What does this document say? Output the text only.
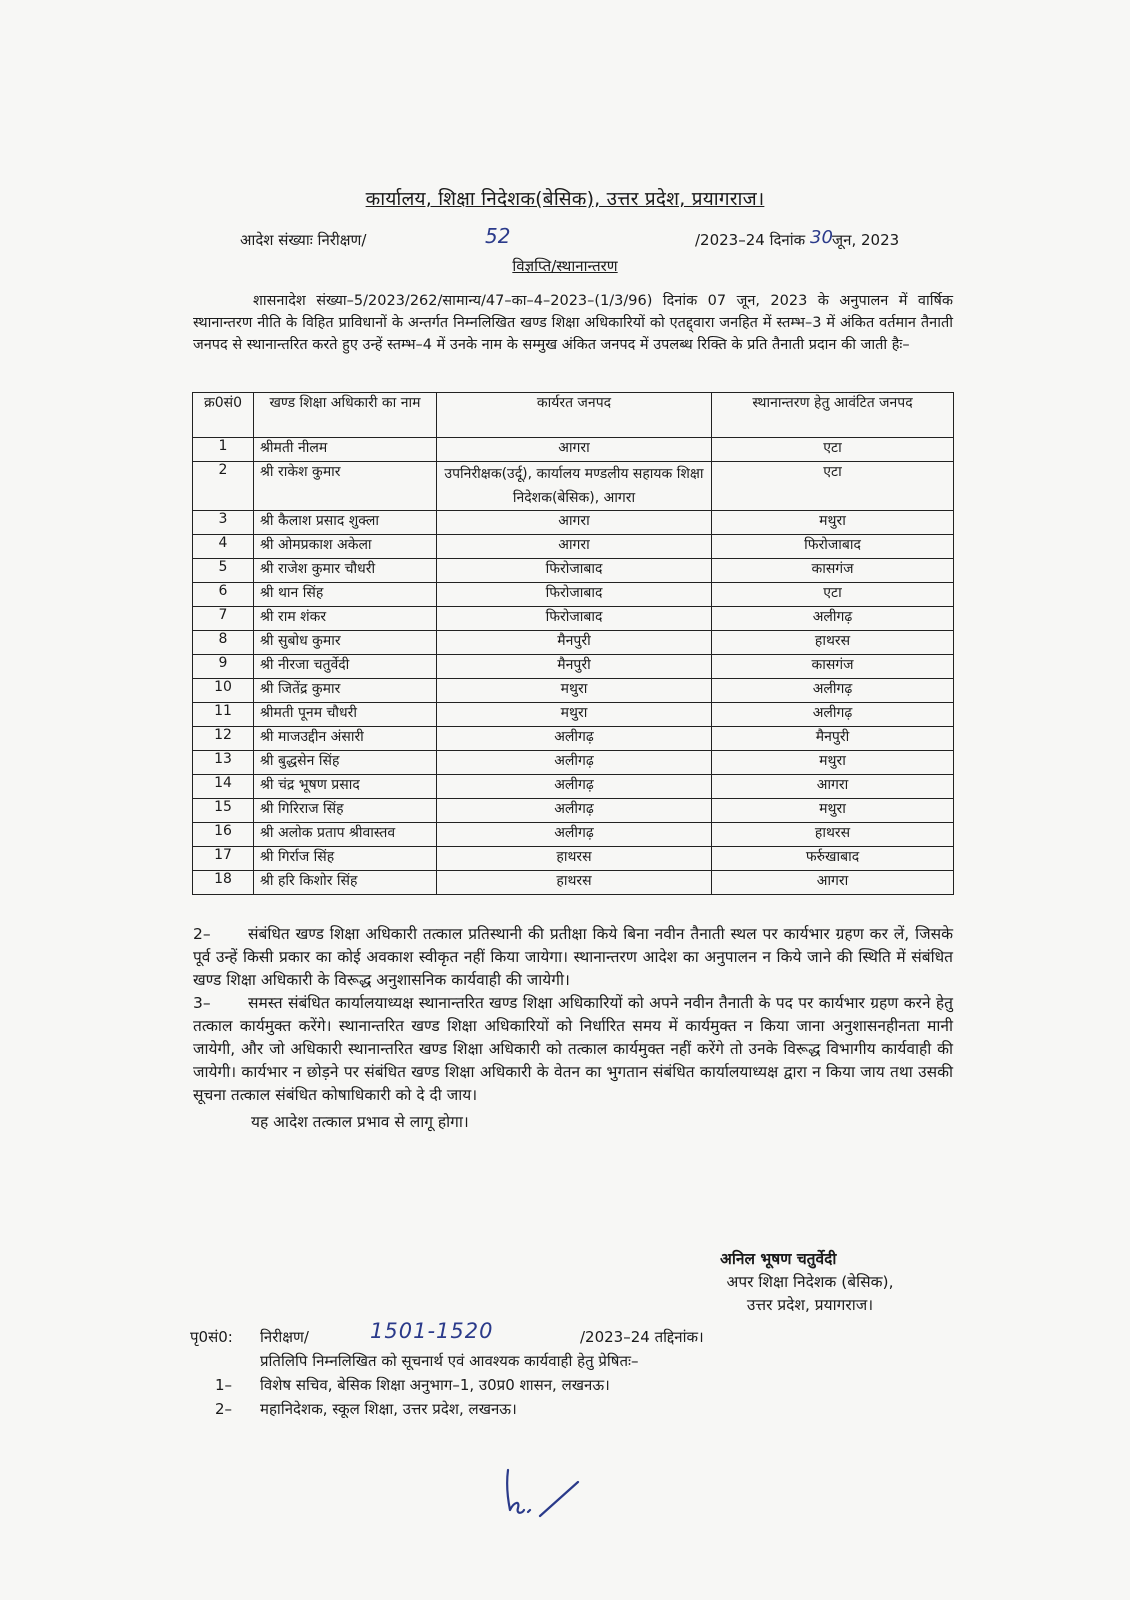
कार्यालय, शिक्षा निदेशक(बेसिक), उत्तर प्रदेश, प्रयागराज।
आदेश संख्याः निरीक्षण/	52	/2023–24 दिनांक 30 जून, 2023
विज्ञप्ति/स्थानान्तरण
शासनादेश संख्या–5/2023/262/सामान्य/47–का–4–2023–(1/3/96) दिनांक 07 जून, 2023 के अनुपालन में वार्षिक स्थानान्तरण नीति के विहित प्राविधानों के अन्तर्गत निम्नलिखित खण्ड शिक्षा अधिकारियों को एतद्द्वारा जनहित में स्तम्भ–3 में अंकित वर्तमान तैनाती जनपद से स्थानान्तरित करते हुए उन्हें स्तम्भ–4 में उनके नाम के सम्मुख अंकित जनपद में उपलब्ध रिक्ति के प्रति तैनाती प्रदान की जाती हैः–
क्र0सं0	खण्ड शिक्षा अधिकारी का नाम	कार्यरत जनपद	स्थानान्तरण हेतु आवंटित जनपद
1	श्रीमती नीलम	आगरा	एटा
2	श्री राकेश कुमार	उपनिरीक्षक(उर्दू), कार्यालय मण्डलीय सहायक शिक्षा निदेशक(बेसिक), आगरा	एटा
3	श्री कैलाश प्रसाद शुक्ला	आगरा	मथुरा
4	श्री ओमप्रकाश अकेला	आगरा	फिरोजाबाद
5	श्री राजेश कुमार चौधरी	फिरोजाबाद	कासगंज
6	श्री थान सिंह	फिरोजाबाद	एटा
7	श्री राम शंकर	फिरोजाबाद	अलीगढ़
8	श्री सुबोध कुमार	मैनपुरी	हाथरस
9	श्री नीरजा चतुर्वेदी	मैनपुरी	कासगंज
10	श्री जितेंद्र कुमार	मथुरा	अलीगढ़
11	श्रीमती पूनम चौधरी	मथुरा	अलीगढ़
12	श्री माजउद्दीन अंसारी	अलीगढ़	मैनपुरी
13	श्री बुद्धसेन सिंह	अलीगढ़	मथुरा
14	श्री चंद्र भूषण प्रसाद	अलीगढ़	आगरा
15	श्री गिरिराज सिंह	अलीगढ़	मथुरा
16	श्री अलोक प्रताप श्रीवास्तव	अलीगढ़	हाथरस
17	श्री गिर्राज सिंह	हाथरस	फर्रुखाबाद
18	श्री हरि किशोर सिंह	हाथरस	आगरा

2– संबंधित खण्ड शिक्षा अधिकारी तत्काल प्रतिस्थानी की प्रतीक्षा किये बिना नवीन तैनाती स्थल पर कार्यभार ग्रहण कर लें, जिसके पूर्व उन्हें किसी प्रकार का कोई अवकाश स्वीकृत नहीं किया जायेगा। स्थानान्तरण आदेश का अनुपालन न किये जाने की स्थिति में संबंधित खण्ड शिक्षा अधिकारी के विरूद्ध अनुशासनिक कार्यवाही की जायेगी।

3– समस्त संबंधित कार्यालयाध्यक्ष स्थानान्तरित खण्ड शिक्षा अधिकारियों को अपने नवीन तैनाती के पद पर कार्यभार ग्रहण करने हेतु तत्काल कार्यमुक्त करेंगे। स्थानान्तरित खण्ड शिक्षा अधिकारियों को निर्धारित समय में कार्यमुक्त न किया जाना अनुशासनहीनता मानी जायेगी, और जो अधिकारी स्थानान्तरित खण्ड शिक्षा अधिकारी को तत्काल कार्यमुक्त नहीं करेंगे तो उनके विरूद्ध विभागीय कार्यवाही की जायेगी। कार्यभार न छोड़ने पर संबंधित खण्ड शिक्षा अधिकारी के वेतन का भुगतान संबंधित कार्यालयाध्यक्ष द्वारा न किया जाय तथा उसकी सूचना तत्काल संबंधित कोषाधिकारी को दे दी जाय।

यह आदेश तत्काल प्रभाव से लागू होगा।

अनिल भूषण चतुर्वेदी
अपर शिक्षा निदेशक (बेसिक),
उत्तर प्रदेश, प्रयागराज।
पृ0सं0: निरीक्षण/	1501-1520	/2023–24 तद्दिनांक।
प्रतिलिपि निम्नलिखित को सूचनार्थ एवं आवश्यक कार्यवाही हेतु प्रेषितः–
1– विशेष सचिव, बेसिक शिक्षा अनुभाग–1, उ0प्र0 शासन, लखनऊ।
2– महानिदेशक, स्कूल शिक्षा, उत्तर प्रदेश, लखनऊ।
